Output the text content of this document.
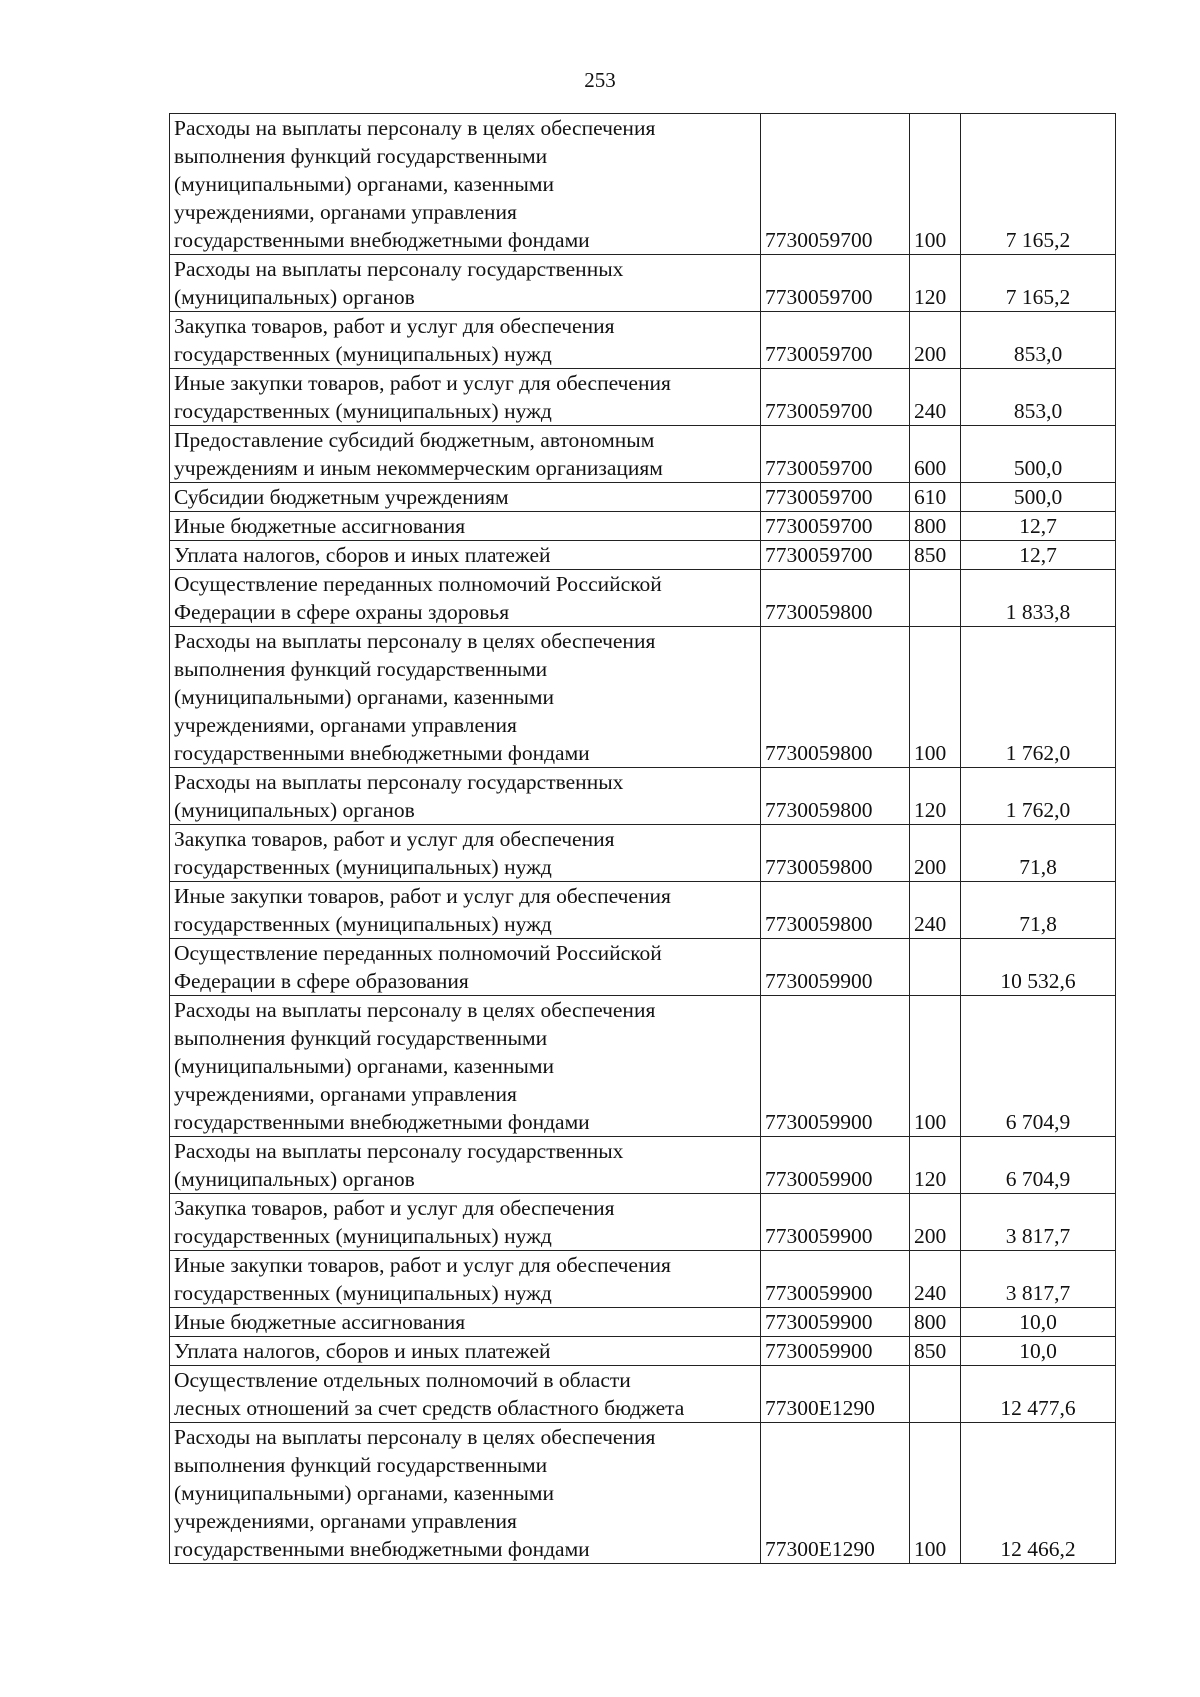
253
Расходы на выплаты персоналу в целях обеспечения
выполнения функций государственными
(муниципальными) органами, казенными
учреждениями, органами управления
государственными внебюджетными фондами	7730059700	100	7 165,2

Расходы на выплаты персоналу государственных
(муниципальных) органов	7730059700	120	7 165,2

Закупка товаров, работ и услуг для обеспечения
государственных (муниципальных) нужд	7730059700	200	853,0

Иные закупки товаров, работ и услуг для обеспечения
государственных (муниципальных) нужд	7730059700	240	853,0

Предоставление субсидий бюджетным, автономным
учреждениям и иным некоммерческим организациям	7730059700	600	500,0

Субсидии бюджетным учреждениям	7730059700	610	500,0

Иные бюджетные ассигнования	7730059700	800	12,7

Уплата налогов, сборов и иных платежей	7730059700	850	12,7

Осуществление переданных полномочий Российской
Федерации в сфере охраны здоровья	7730059800		1 833,8

Расходы на выплаты персоналу в целях обеспечения
выполнения функций государственными
(муниципальными) органами, казенными
учреждениями, органами управления
государственными внебюджетными фондами	7730059800	100	1 762,0

Расходы на выплаты персоналу государственных
(муниципальных) органов	7730059800	120	1 762,0

Закупка товаров, работ и услуг для обеспечения
государственных (муниципальных) нужд	7730059800	200	71,8

Иные закупки товаров, работ и услуг для обеспечения
государственных (муниципальных) нужд	7730059800	240	71,8

Осуществление переданных полномочий Российской
Федерации в сфере образования	7730059900		10 532,6

Расходы на выплаты персоналу в целях обеспечения
выполнения функций государственными
(муниципальными) органами, казенными
учреждениями, органами управления
государственными внебюджетными фондами	7730059900	100	6 704,9

Расходы на выплаты персоналу государственных
(муниципальных) органов	7730059900	120	6 704,9

Закупка товаров, работ и услуг для обеспечения
государственных (муниципальных) нужд	7730059900	200	3 817,7

Иные закупки товаров, работ и услуг для обеспечения
государственных (муниципальных) нужд	7730059900	240	3 817,7

Иные бюджетные ассигнования	7730059900	800	10,0

Уплата налогов, сборов и иных платежей	7730059900	850	10,0

Осуществление отдельных полномочий в области
лесных отношений за счет средств областного бюджета	77300Е1290		12 477,6

Расходы на выплаты персоналу в целях обеспечения
выполнения функций государственными
(муниципальными) органами, казенными
учреждениями, органами управления
государственными внебюджетными фондами	77300Е1290	100	12 466,2
